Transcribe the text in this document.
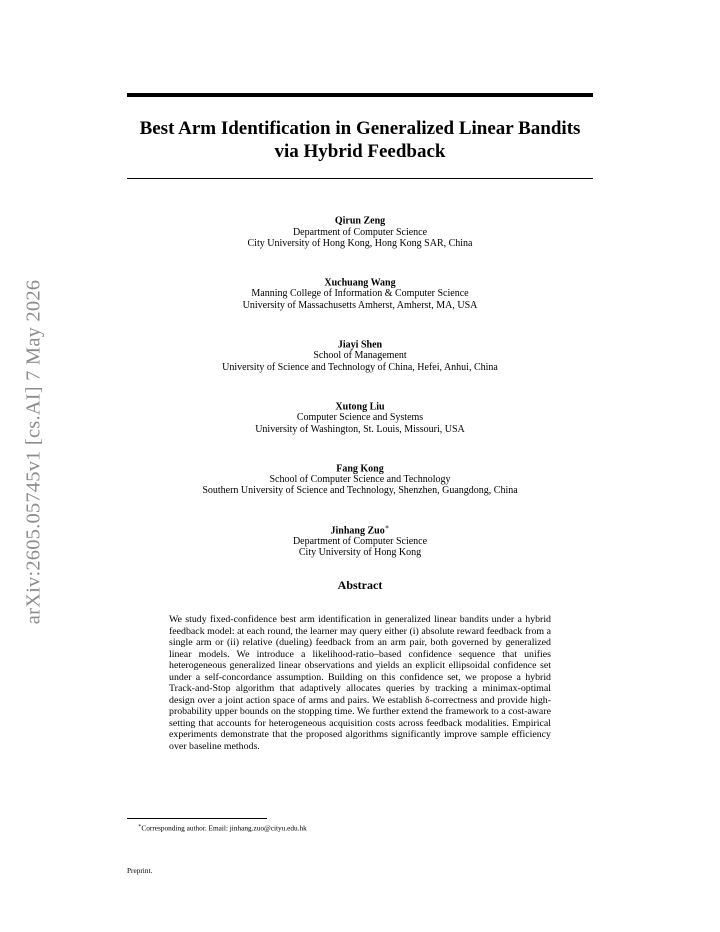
arXiv:2605.05745v1 [cs.AI] 7 May 2026
Best Arm Identification in Generalized Linear Bandits
via Hybrid Feedback
Qirun Zeng
Department of Computer Science
City University of Hong Kong, Hong Kong SAR, China
Xuchuang Wang
Manning College of Information & Computer Science
University of Massachusetts Amherst, Amherst, MA, USA
Jiayi Shen
School of Management
University of Science and Technology of China, Hefei, Anhui, China
Xutong Liu
Computer Science and Systems
University of Washington, St. Louis, Missouri, USA
Fang Kong
School of Computer Science and Technology
Southern University of Science and Technology, Shenzhen, Guangdong, China
Jinhang Zuo∗
Department of Computer Science
City University of Hong Kong
Abstract
We study fixed-confidence best arm identification in generalized linear bandits under a hybrid feedback model: at each round, the learner may query either (i) absolute reward feedback from a single arm or (ii) relative (dueling) feedback from an arm pair, both governed by generalized linear models. We introduce a likelihood-ratio–based confidence sequence that unifies heterogeneous generalized linear observations and yields an explicit ellipsoidal confidence set under a self-concordance assumption. Building on this confidence set, we propose a hybrid Track-and-Stop algorithm that adaptively allocates queries by tracking a minimax-optimal design over a joint action space of arms and pairs. We establish δ-correctness and provide high-probability upper bounds on the stopping time. We further extend the framework to a cost-aware setting that accounts for heterogeneous acquisition costs across feedback modalities. Empirical experiments demonstrate that the proposed algorithms significantly improve sample efficiency over baseline methods.
∗Corresponding author. Email: jinhang.zuo@cityu.edu.hk
Preprint.
